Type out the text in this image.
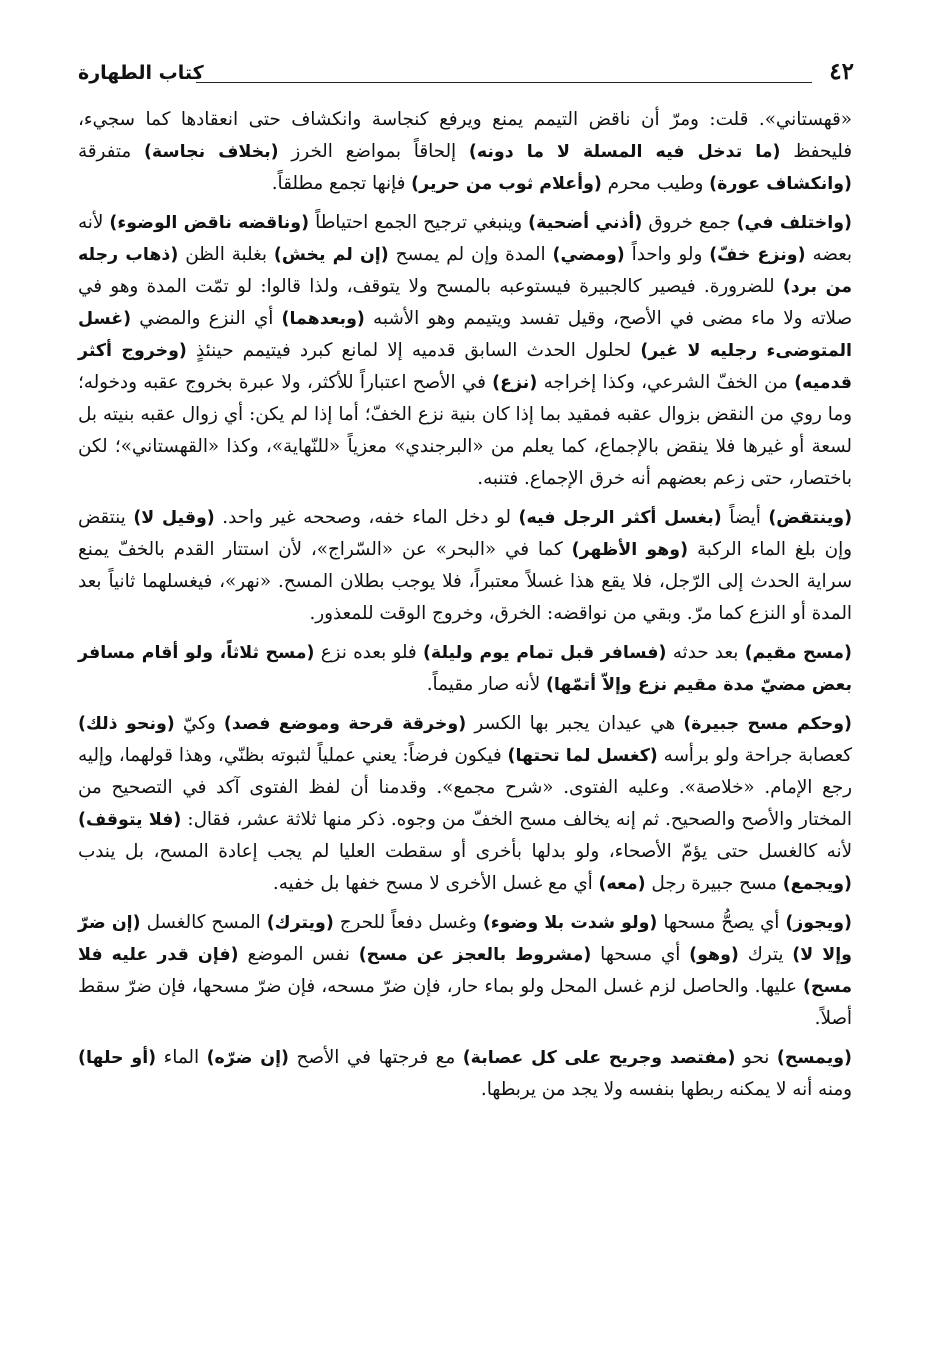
٤٢
كتاب الطهارة

«قهستاني». قلت: ومرّ أن ناقض التيمم يمنع ويرفع كنجاسة وانكشاف حتى انعقادها كما سجيء، فليحفظ (ما تدخل فيه المسلة لا ما دونه) إلحاقاً بمواضع الخرز (بخلاف نجاسة) متفرقة (وانكشاف عورة) وطيب محرم (وأعلام ثوب من حرير) فإنها تجمع مطلقاً.

(واختلف في) جمع خروق (أذني أضحية) وينبغي ترجيح الجمع احتياطاً (وناقضه ناقض الوضوء) لأنه بعضه (ونزع خفّ) ولو واحداً (ومضي) المدة وإن لم يمسح (إن لم يخش) بغلبة الظن (ذهاب رجله من برد) للضرورة. فيصير كالجبيرة فيستوعبه بالمسح ولا يتوقف، ولذا قالوا: لو تمّت المدة وهو في صلاته ولا ماء مضى في الأصح، وقيل تفسد ويتيمم وهو الأشبه (وبعدهما) أي النزع والمضي (غسل المتوضىء رجليه لا غير) لحلول الحدث السابق قدميه إلا لمانع كبرد فيتيمم حينئذٍ (وخروج أكثر قدميه) من الخفّ الشرعي، وكذا إخراجه (نزع) في الأصح اعتباراً للأكثر، ولا عبرة بخروج عقبه ودخوله؛ وما روي من النقض بزوال عقبه فمقيد بما إذا كان بنية نزع الخفّ؛ أما إذا لم يكن: أي زوال عقبه بنيته بل لسعة أو غيرها فلا ينقض بالإجماع، كما يعلم من «البرجندي» معزياً «للنّهاية»، وكذا «القهستاني»؛ لكن باختصار، حتى زعم بعضهم أنه خرق الإجماع. فتنبه.

(وينتقض) أيضاً (بغسل أكثر الرجل فيه) لو دخل الماء خفه، وصححه غير واحد. (وقيل لا) ينتقض وإن بلغ الماء الركبة (وهو الأظهر) كما في «البحر» عن «السّراج»، لأن استتار القدم بالخفّ يمنع سراية الحدث إلى الرّجل، فلا يقع هذا غسلاً معتبراً، فلا يوجب بطلان المسح. «نهر»، فيغسلهما ثانياً بعد المدة أو النزع كما مرّ. وبقي من نواقضه: الخرق، وخروج الوقت للمعذور.

(مسح مقيم) بعد حدثه (فسافر قبل تمام يوم وليلة) فلو بعده نزع (مسح ثلاثاً، ولو أقام مسافر بعض مضيّ مدة مقيم نزع وإلاّ أتمّها) لأنه صار مقيماً.

(وحكم مسح جبيرة) هي عيدان يجبر بها الكسر (وخرقة قرحة وموضع فصد) وكيّ (ونحو ذلك) كعصابة جراحة ولو برأسه (كغسل لما تحتها) فيكون فرضاً: يعني عملياً لثبوته بظنّي، وهذا قولهما، وإليه رجع الإمام. «خلاصة». وعليه الفتوى. «شرح مجمع». وقدمنا أن لفظ الفتوى آكد في التصحيح من المختار والأصح والصحيح. ثم إنه يخالف مسح الخفّ من وجوه. ذكر منها ثلاثة عشر، فقال: (فلا يتوقف) لأنه كالغسل حتى يؤمّ الأصحاء، ولو بدلها بأخرى أو سقطت العليا لم يجب إعادة المسح، بل يندب (ويجمع) مسح جبيرة رجل (معه) أي مع غسل الأخرى لا مسح خفها بل خفيه.

(ويجوز) أي يصحُّ مسحها (ولو شدت بلا وضوء) وغسل دفعاً للحرج (ويترك) المسح كالغسل (إن ضرّ وإلا لا) يترك (وهو) أي مسحها (مشروط بالعجز عن مسح) نفس الموضع (فإن قدر عليه فلا مسح) عليها. والحاصل لزم غسل المحل ولو بماء حار، فإن ضرّ مسحه، فإن ضرّ مسحها، فإن ضرّ سقط أصلاً.

(ويمسح) نحو (مفتصد وجريح على كل عصابة) مع فرجتها في الأصح (إن ضرّه) الماء (أو حلها) ومنه أنه لا يمكنه ربطها بنفسه ولا يجد من يربطها.
